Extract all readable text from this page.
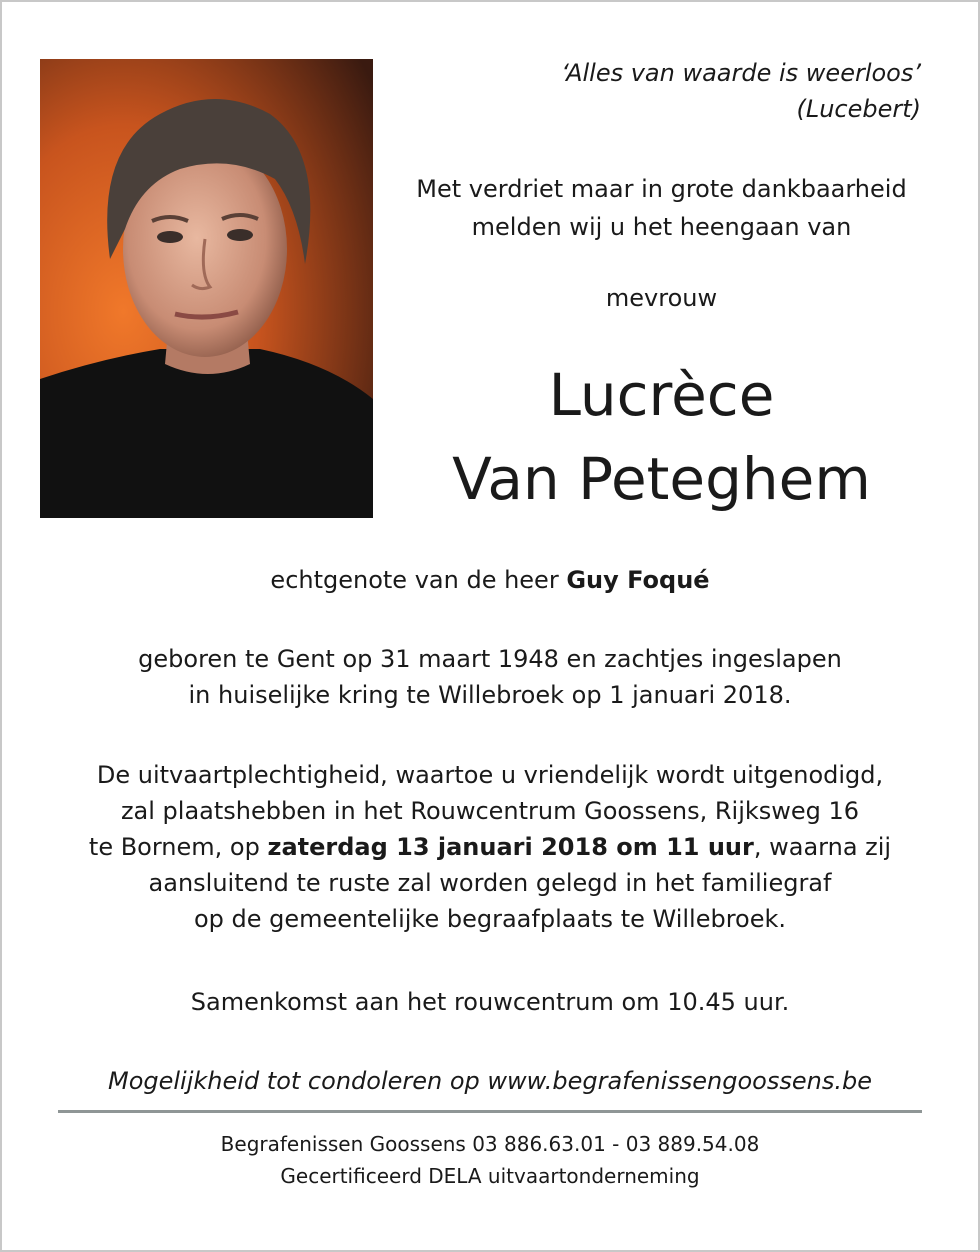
‘Alles van waarde is weerloos’
(Lucebert)
Met verdriet maar in grote dankbaarheid
melden wij u het heengaan van
mevrouw
Lucrèce
Van Peteghem
echtgenote van de heer Guy Foqué
geboren te Gent op 31 maart 1948 en zachtjes ingeslapen
in huiselijke kring te Willebroek op 1 januari 2018.
De uitvaartplechtigheid, waartoe u vriendelijk wordt uitgenodigd,
zal plaatshebben in het Rouwcentrum Goossens, Rijksweg 16
te Bornem, op zaterdag 13 januari 2018 om 11 uur, waarna zij
aansluitend te ruste zal worden gelegd in het familiegraf
op de gemeentelijke begraafplaats te Willebroek.
Samenkomst aan het rouwcentrum om 10.45 uur.
Mogelijkheid tot condoleren op www.begrafenissengoossens.be
Begrafenissen Goossens 03 886.63.01 - 03 889.54.08
Gecertificeerd DELA uitvaartonderneming
